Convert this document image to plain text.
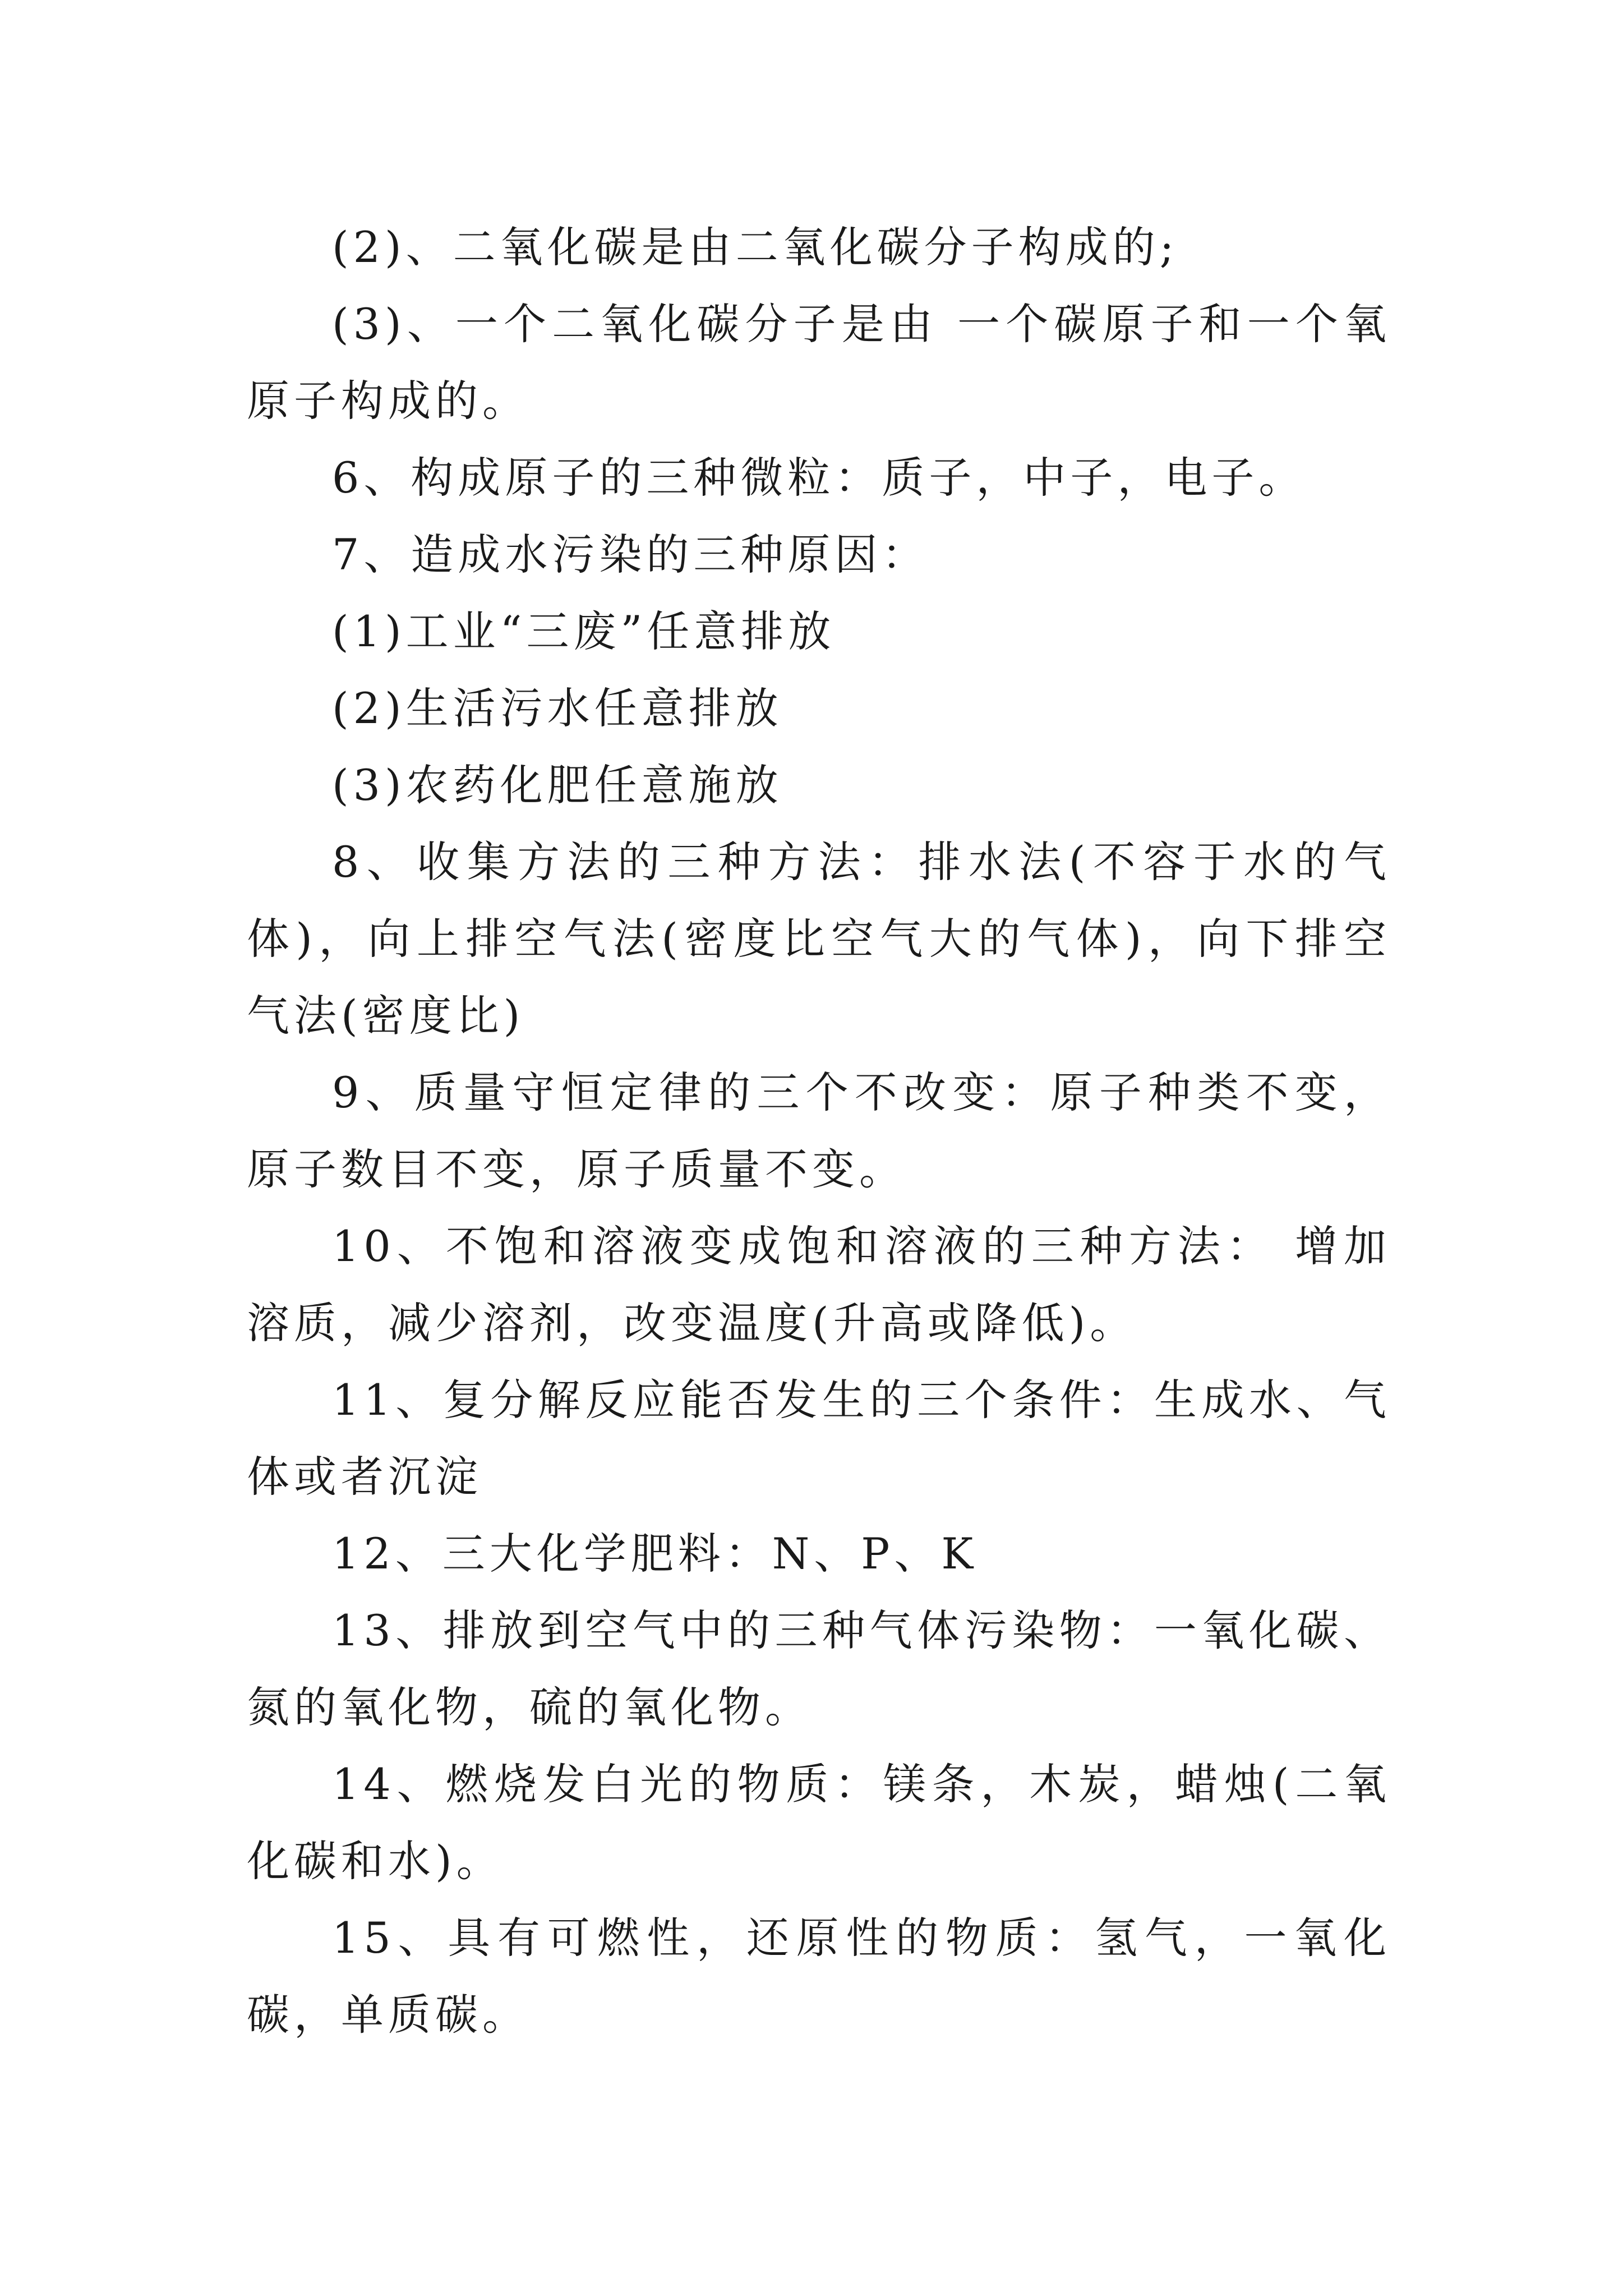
(2)、二氧化碳是由二氧化碳分子构成的;

(3)、一个二氧化碳分子是由 一个碳原子和一个氧原子构成的。

6、构成原子的三种微粒：质子，中子，电子。

7、造成水污染的三种原因：

(1)工业“三废”任意排放

(2)生活污水任意排放

(3)农药化肥任意施放

8、收集方法的三种方法：排水法(不容于水的气体)，向上排空气法(密度比空气大的气体)，向下排空气法(密度比)

9、质量守恒定律的三个不改变：原子种类不变，原子数目不变，原子质量不变。

10、不饱和溶液变成饱和溶液的三种方法： 增加溶质，减少溶剂，改变温度(升高或降低)。

11、复分解反应能否发生的三个条件：生成水、气体或者沉淀

12、三大化学肥料：N、P、K

13、排放到空气中的三种气体污染物：一氧化碳、氮的氧化物，硫的氧化物。

14、燃烧发白光的物质：镁条，木炭，蜡烛(二氧化碳和水)。

15、具有可燃性，还原性的物质：氢气，一氧化碳，单质碳。
